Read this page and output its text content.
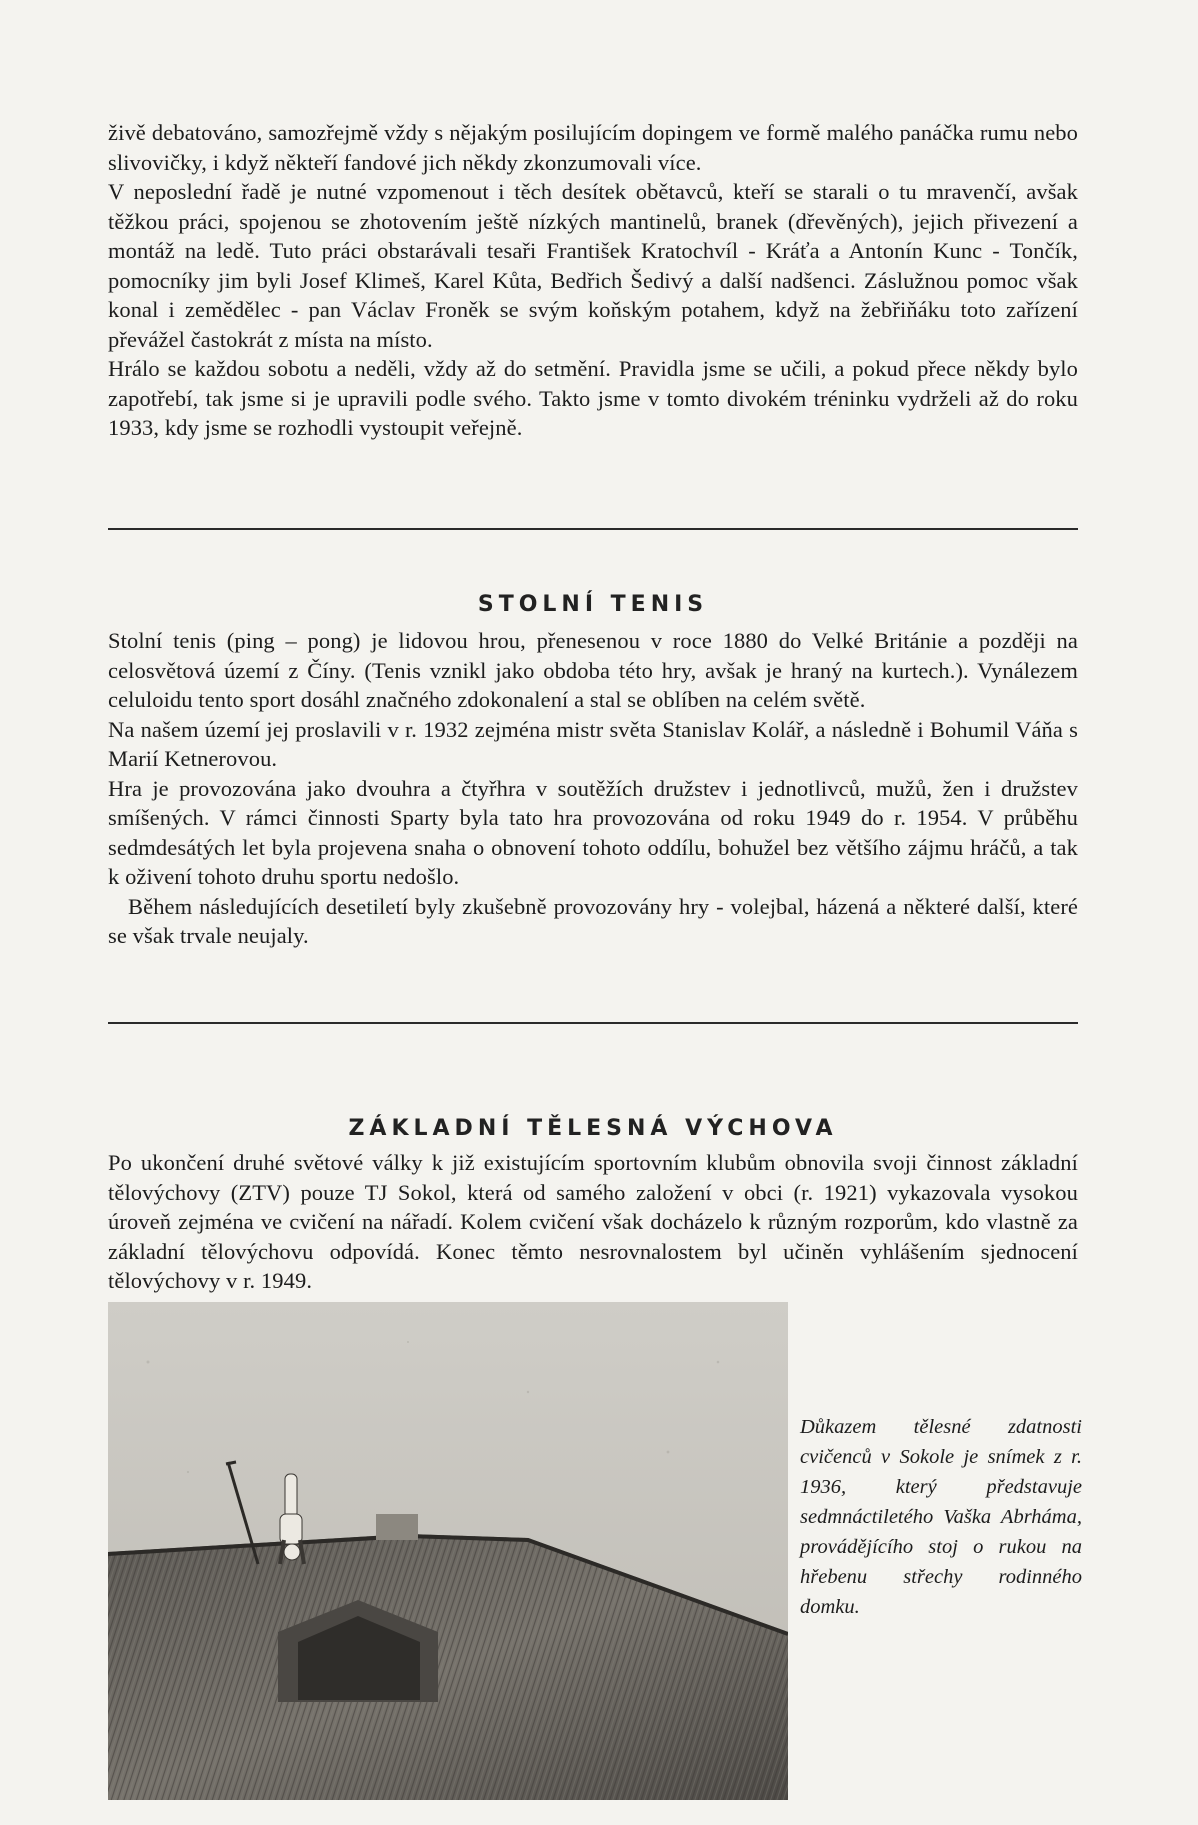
živě debatováno, samozřejmě vždy s nějakým posilujícím dopingem ve formě malého panáčka rumu nebo slivovičky, i když někteří fandové jich někdy zkonzumovali více.

V neposlední řadě je nutné vzpomenout i těch desítek obětavců, kteří se starali o tu mravenčí, avšak těžkou práci, spojenou se zhotovením ještě nízkých mantinelů, branek (dřevěných), jejich přivezení a montáž na ledě. Tuto práci obstarávali tesaři František Kratochvíl - Kráťa a Antonín Kunc - Tončík, pomocníky jim byli Josef Klimeš, Karel Kůta, Bedřich Šedivý a další nadšenci. Záslužnou pomoc však konal i zemědělec - pan Václav Froněk se svým koňským potahem, když na žebřiňáku toto zařízení převážel častokrát z místa na místo.

Hrálo se každou sobotu a neděli, vždy až do setmění. Pravidla jsme se učili, a pokud přece někdy bylo zapotřebí, tak jsme si je upravili podle svého. Takto jsme v tomto divokém tréninku vydrželi až do roku 1933, kdy jsme se rozhodli vystoupit veřejně.

STOLNÍ TENIS

Stolní tenis (ping – pong) je lidovou hrou, přenesenou v roce 1880 do Velké Británie a později na celosvětová území z Číny. (Tenis vznikl jako obdoba této hry, avšak je hraný na kurtech.). Vynálezem celuloidu tento sport dosáhl značného zdokonalení a stal se oblíben na celém světě.

Na našem území jej proslavili v r. 1932 zejména mistr světa Stanislav Kolář, a následně i Bohumil Váňa s Marií Ketnerovou.

Hra je provozována jako dvouhra a čtyřhra v soutěžích družstev i jednotlivců, mužů, žen i družstev smíšených. V rámci činnosti Sparty byla tato hra provozována od roku 1949 do r. 1954. V průběhu sedmdesátých let byla projevena snaha o obnovení tohoto oddílu, bohužel bez většího zájmu hráčů, a tak k oživení tohoto druhu sportu nedošlo.

Během následujících desetiletí byly zkušebně provozovány hry - volejbal, házená a některé další, které se však trvale neujaly.

ZÁKLADNÍ TĚLESNÁ VÝCHOVA

Po ukončení druhé světové války k již existujícím sportovním klubům obnovila svoji činnost základní tělovýchovy (ZTV) pouze TJ Sokol, která od samého založení v obci (r. 1921) vykazovala vysokou úroveň zejména ve cvičení na nářadí. Kolem cvičení však docházelo k různým rozporům, kdo vlastně za základní tělovýchovu odpovídá. Konec těmto nesrovnalostem byl učiněn vyhlášením sjednocení tělovýchovy v r. 1949.

Důkazem tělesné zdatnosti cvičenců v Sokole je snímek z r. 1936, který představuje sedmnáctiletého Vaška Abrháma, provádějícího stoj o rukou na hřebenu střechy rodinného domku.
